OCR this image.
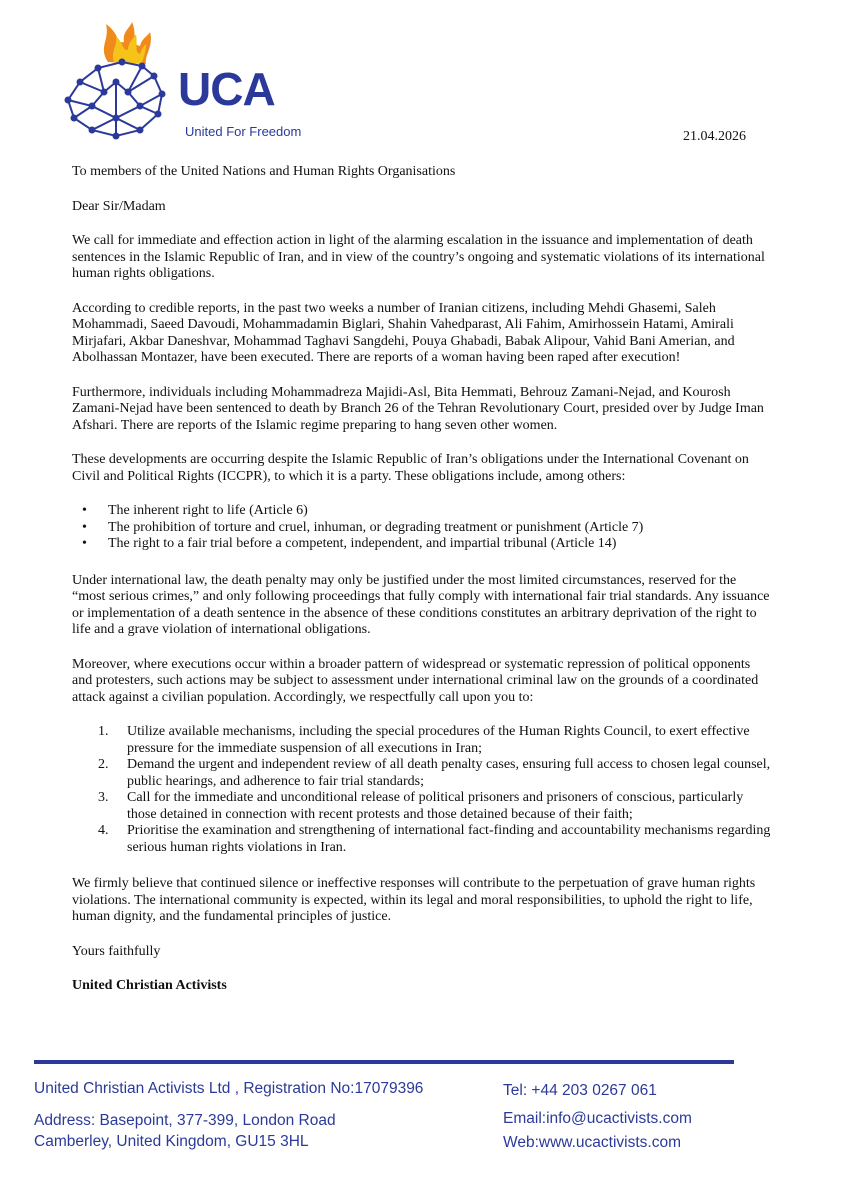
UCA
United For Freedom	21.04.2026

To members of the United Nations and Human Rights Organisations

Dear Sir/Madam

We call for immediate and effection action in light of the alarming escalation in the issuance and implementation of death sentences in the Islamic Republic of Iran, and in view of the country’s ongoing and systematic violations of its international human rights obligations.

According to credible reports, in the past two weeks a number of Iranian citizens, including Mehdi Ghasemi, Saleh Mohammadi, Saeed Davoudi, Mohammadamin Biglari, Shahin Vahedparast, Ali Fahim, Amirhossein Hatami, Amirali Mirjafari, Akbar Daneshvar, Mohammad Taghavi Sangdehi, Pouya Ghabadi, Babak Alipour, Vahid Bani Amerian, and Abolhassan Montazer, have been executed. There are reports of a woman having been raped after execution!

Furthermore, individuals including Mohammadreza Majidi-Asl, Bita Hemmati, Behrouz Zamani-Nejad, and Kourosh Zamani-Nejad have been sentenced to death by Branch 26 of the Tehran Revolutionary Court, presided over by Judge Iman Afshari. There are reports of the Islamic regime preparing to hang seven other women.

These developments are occurring despite the Islamic Republic of Iran’s obligations under the International Covenant on Civil and Political Rights (ICCPR), to which it is a party. These obligations include, among others:

• The inherent right to life (Article 6)
• The prohibition of torture and cruel, inhuman, or degrading treatment or punishment (Article 7)
• The right to a fair trial before a competent, independent, and impartial tribunal (Article 14)

Under international law, the death penalty may only be justified under the most limited circumstances, reserved for the “most serious crimes,” and only following proceedings that fully comply with international fair trial standards. Any issuance or implementation of a death sentence in the absence of these conditions constitutes an arbitrary deprivation of the right to life and a grave violation of international obligations.

Moreover, where executions occur within a broader pattern of widespread or systematic repression of political opponents and protesters, such actions may be subject to assessment under international criminal law on the grounds of a coordinated attack against a civilian population. Accordingly, we respectfully call upon you to:

1. Utilize available mechanisms, including the special procedures of the Human Rights Council, to exert effective pressure for the immediate suspension of all executions in Iran;
2. Demand the urgent and independent review of all death penalty cases, ensuring full access to chosen legal counsel, public hearings, and adherence to fair trial standards;
3. Call for the immediate and unconditional release of political prisoners and prisoners of conscious, particularly those detained in connection with recent protests and those detained because of their faith;
4. Prioritise the examination and strengthening of international fact-finding and accountability mechanisms regarding serious human rights violations in Iran.

We firmly believe that continued silence or ineffective responses will contribute to the perpetuation of grave human rights violations. The international community is expected, within its legal and moral responsibilities, to uphold the right to life, human dignity, and the fundamental principles of justice.

Yours faithfully

United Christian Activists

United Christian Activists Ltd , Registration No:17079396
Address: Basepoint, 377-399, London Road
Camberley, United Kingdom, GU15 3HL
Tel: +44 203 0267 061
Email:info@ucactivists.com
Web:www.ucactivists.com
